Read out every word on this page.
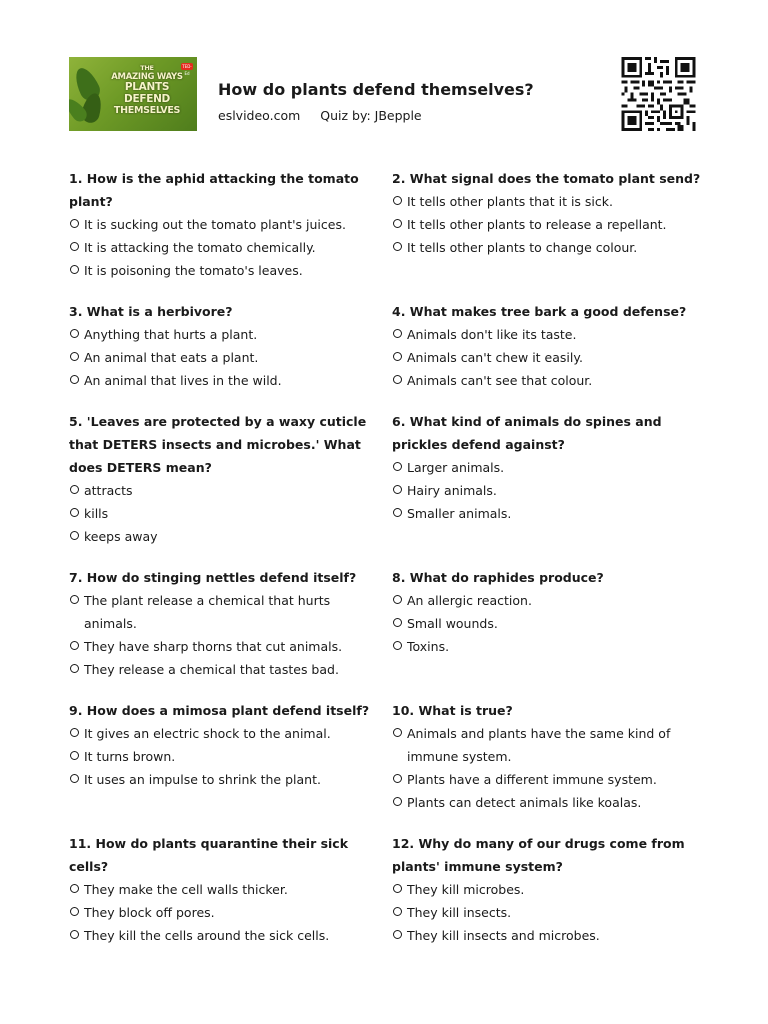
TED-Ed
THE
AMAZING WAYS
PLANTS
DEFEND
THEMSELVES
How do plants defend themselves?
eslvideo.com Quiz by: JBepple
1. How is the aphid attacking the tomato plant?
It is sucking out the tomato plant's juices.
It is attacking the tomato chemically.
It is poisoning the tomato's leaves.
2. What signal does the tomato plant send?
It tells other plants that it is sick.
It tells other plants to release a repellant.
It tells other plants to change colour.
3. What is a herbivore?
Anything that hurts a plant.
An animal that eats a plant.
An animal that lives in the wild.
4. What makes tree bark a good defense?
Animals don't like its taste.
Animals can't chew it easily.
Animals can't see that colour.
5. 'Leaves are protected by a waxy cuticle that DETERS insects and microbes.' What does DETERS mean?
attracts
kills
keeps away
6. What kind of animals do spines and prickles defend against?
Larger animals.
Hairy animals.
Smaller animals.
7. How do stinging nettles defend itself?
The plant release a chemical that hurts animals.
They have sharp thorns that cut animals.
They release a chemical that tastes bad.
8. What do raphides produce?
An allergic reaction.
Small wounds.
Toxins.
9. How does a mimosa plant defend itself?
It gives an electric shock to the animal.
It turns brown.
It uses an impulse to shrink the plant.
10. What is true?
Animals and plants have the same kind of immune system.
Plants have a different immune system.
Plants can detect animals like koalas.
11. How do plants quarantine their sick cells?
They make the cell walls thicker.
They block off pores.
They kill the cells around the sick cells.
12. Why do many of our drugs come from plants' immune system?
They kill microbes.
They kill insects.
They kill insects and microbes.
